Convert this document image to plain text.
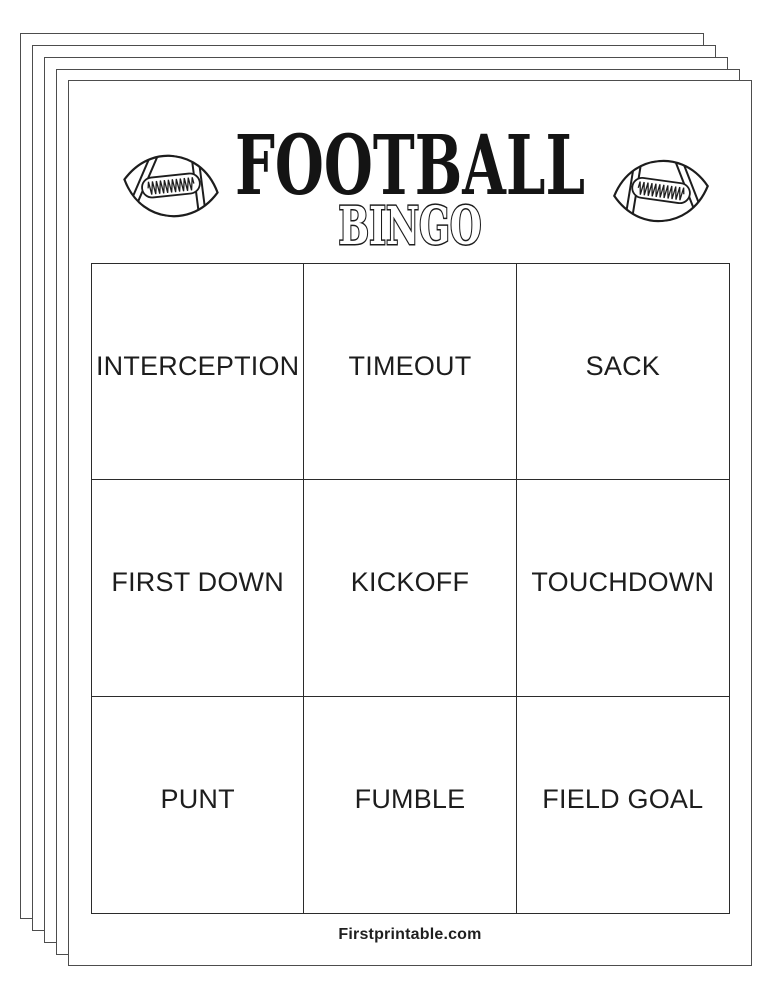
FOOTBALL
BINGO
INTERCEPTION	TIMEOUT	SACK
FIRST DOWN	KICKOFF	TOUCHDOWN
PUNT	FUMBLE	FIELD GOAL
Firstprintable.com
